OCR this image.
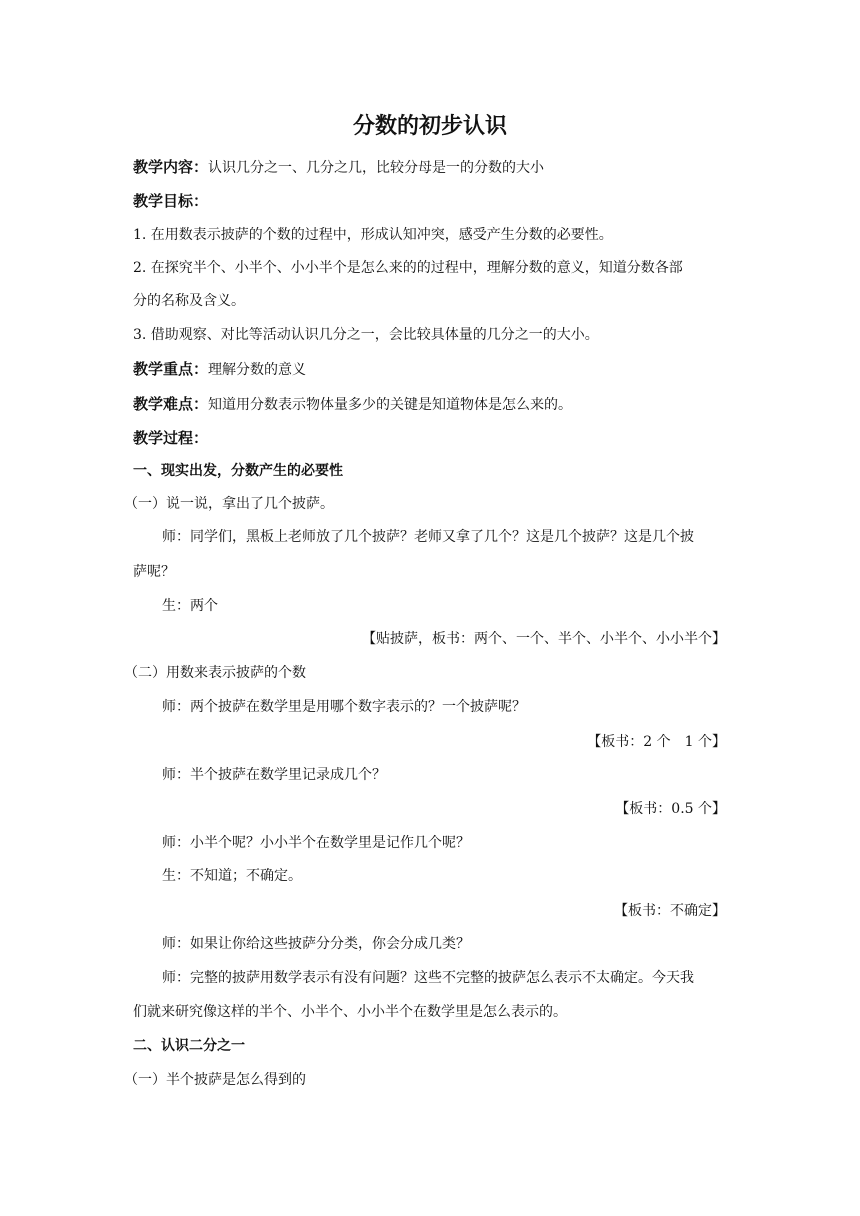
分数的初步认识
教学内容：认识几分之一、几分之几，比较分母是一的分数的大小
教学目标：
1. 在用数表示披萨的个数的过程中，形成认知冲突，感受产生分数的必要性。
2. 在探究半个、小半个、小小半个是怎么来的的过程中，理解分数的意义，知道分数各部
分的名称及含义。
3. 借助观察、对比等活动认识几分之一，会比较具体量的几分之一的大小。
教学重点：理解分数的意义
教学难点：知道用分数表示物体量多少的关键是知道物体是怎么来的。
教学过程：
一、现实出发，分数产生的必要性
（一）说一说，拿出了几个披萨。
师：同学们，黑板上老师放了几个披萨？老师又拿了几个？这是几个披萨？这是几个披
萨呢？
生：两个
【贴披萨，板书：两个、一个、半个、小半个、小小半个】
（二）用数来表示披萨的个数
师：两个披萨在数学里是用哪个数字表示的？一个披萨呢？
【板书：2 个　1 个】
师：半个披萨在数学里记录成几个？
【板书：0.5 个】
师：小半个呢？小小半个在数学里是记作几个呢？
生：不知道；不确定。
【板书：不确定】
师：如果让你给这些披萨分分类，你会分成几类？
师：完整的披萨用数学表示有没有问题？这些不完整的披萨怎么表示不太确定。今天我
们就来研究像这样的半个、小半个、小小半个在数学里是怎么表示的。
二、认识二分之一
（一）半个披萨是怎么得到的
